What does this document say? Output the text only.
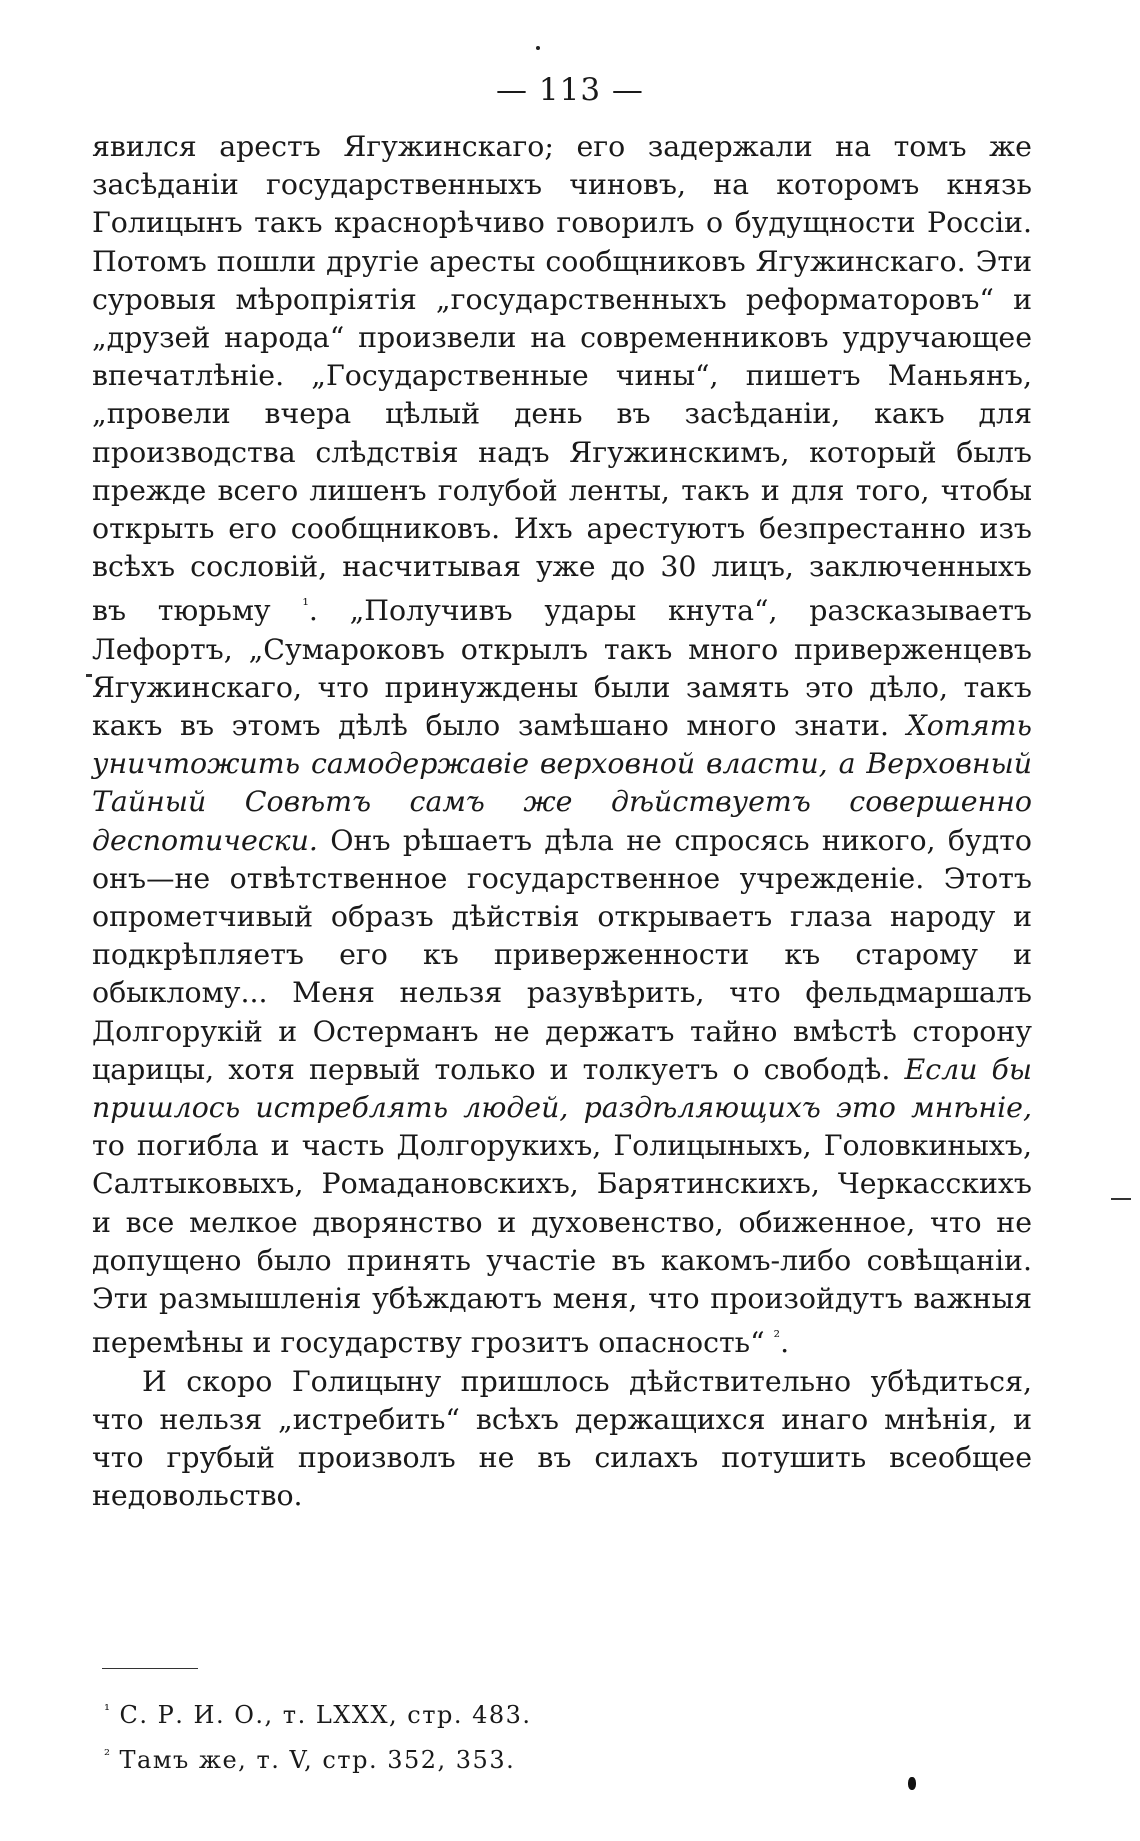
— 113 —

явился арестъ Ягужинскаго; его задержали на томъ же засѣданiи государственныхъ чиновъ, на которомъ князь Голицынъ такъ краснорѣчиво говорилъ о будущности Россiи. Потомъ пошли другiе аресты сообщниковъ Ягужинскаго. Эти суровыя мѣропрiятiя „государственныхъ реформаторовъ“ и „друзей народа“ произвели на современниковъ удручающее впечатлѣнiе. „Государственные чины“, пишетъ Маньянъ, „провели вчера цѣлый день въ засѣданiи, какъ для производства слѣдствiя надъ Ягужинскимъ, который былъ прежде всего лишенъ голубой ленты, такъ и для того, чтобы открыть его сообщниковъ. Ихъ арестуютъ безпрестанно изъ всѣхъ сословiй, насчитывая уже до 30 лицъ, заключенныхъ въ тюрьму $^{^1}$. „Получивъ удары кнута“, разсказываетъ Лефортъ, „Сумароковъ открылъ такъ много приверженцевъ Ягужинскаго, что принуждены были замять это дѣло, такъ какъ въ этомъ дѣлѣ было замѣшано много знати. Хотять уничтожить самодержавiе верховной власти, а Верховный Тайный Совѣтъ самъ же дѣйствуетъ совершенно деспотически. Онъ рѣшаетъ дѣла не спросясь никого, будто онъ—не отвѣтственное государственное учрежденiе. Этотъ опрометчивый образъ дѣйствiя открываетъ глаза народу и подкрѣпляетъ его къ приверженности къ старому и обыклому... Меня нельзя разувѣрить, что фельдмаршалъ Долгорукiй и Остерманъ не держатъ тайно вмѣстѣ сторону царицы, хотя первый только и толкуетъ о свободѣ. Если бы пришлось истреблять людей, раздѣляющихъ это мнѣнiе, то погибла и часть Долгорукихъ, Голицыныхъ, Головкиныхъ, Салтыковыхъ, Ромадановскихъ, Барятинскихъ, Черкасскихъ и все мелкое дворянство и духовенство, обиженное, что не допущено было принять участiе въ какомъ-либо совѣщанiи. Эти размышленiя убѣждаютъ меня, что произойдутъ важныя перемѣны и государству грозитъ опасность“ $^{^2}$.

И скоро Голицыну пришлось дѣйствительно убѣдиться, что нельзя „истребить“ всѣхъ держащихся инаго мнѣнiя, и что грубый произволъ не въ силахъ потушить всеобщее недовольство.

$^{^1}$ С. Р. И. О., т. LXXX, стр. 483.
$^{^2}$ Тамъ же, т. V, стр. 352, 353.
